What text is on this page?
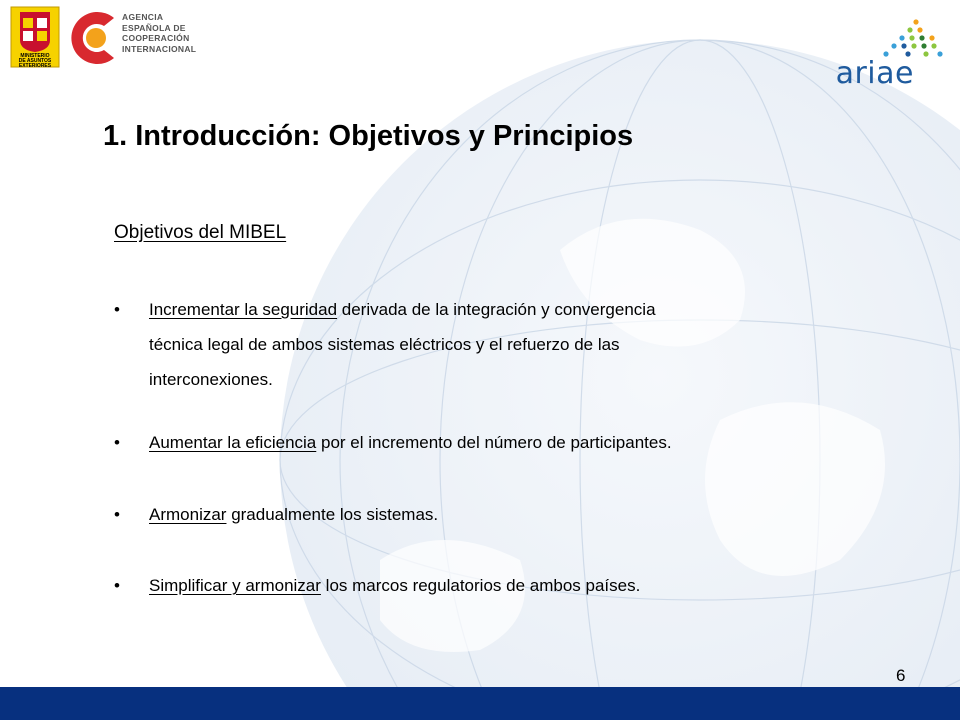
MINISTERIO
DE ASUNTOS
EXTERIORES
AGENCIA
ESPAÑOLA DE
COOPERACIÓN
INTERNACIONAL
ariae
1. Introducción: Objetivos y Principios

Objetivos del MIBEL

• Incrementar la seguridad derivada de la integración y convergencia
técnica legal de ambos sistemas eléctricos y el refuerzo de las
interconexiones.
• Aumentar la eficiencia por el incremento del número de participantes.
• Armonizar gradualmente los sistemas.
• Simplificar y armonizar los marcos regulatorios de ambos países.
6
